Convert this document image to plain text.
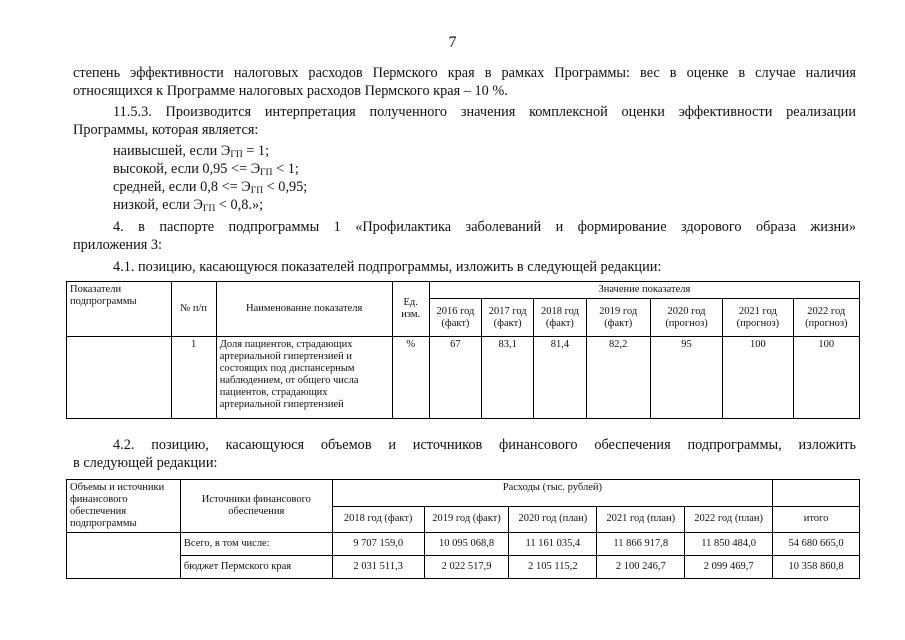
7
степень эффективности налоговых расходов Пермского края в рамках Программы: вес в оценке в случае наличия
относящихся к Программе налоговых расходов Пермского края – 10 %.
11.5.3. Производится интерпретация полученного значения комплексной оценки эффективности реализации
Программы, которая является:
наивысшей, если $Э_{ГП} = 1$;
высокой, если $0,95 <= Э_{ГП} < 1$;
средней, если $0,8 <= Э_{ГП} < 0,95$;
низкой, если $Э_{ГП} < 0,8$.»;
4. в паспорте подпрограммы 1 «Профилактика заболеваний и формирование здорового образа жизни»
приложения 3:
4.1. позицию, касающуюся показателей подпрограммы, изложить в следующей редакции:
Показатели подпрограммы	№ п/п	Наименование показателя	Ед. изм.	Значение показателя						
				2016 год (факт)	2017 год (факт)	2018 год (факт)	2019 год (факт)	2020 год (прогноз)	2021 год (прогноз)	2022 год (прогноз)
	1	Доля пациентов, страдающих артериальной гипертензией и состоящих под диспансерным наблюдением, от общего числа пациентов, страдающих артериальной гипертензией	%	67	83,1	81,4	82,2	95	100	100
4.2. позицию, касающуюся объемов и источников финансового обеспечения подпрограммы, изложить
в следующей редакции:
Объемы и источники финансового обеспечения подпрограммы	Источники финансового обеспечения	Расходы (тыс. рублей)					
		2018 год (факт)	2019 год (факт)	2020 год (план)	2021 год (план)	2022 год (план)	итого
	Всего, в том числе:	9 707 159,0	10 095 068,8	11 161 035,4	11 866 917,8	11 850 484,0	54 680 665,0
	бюджет Пермского края	2 031 511,3	2 022 517,9	2 105 115,2	2 100 246,7	2 099 469,7	10 358 860,8
